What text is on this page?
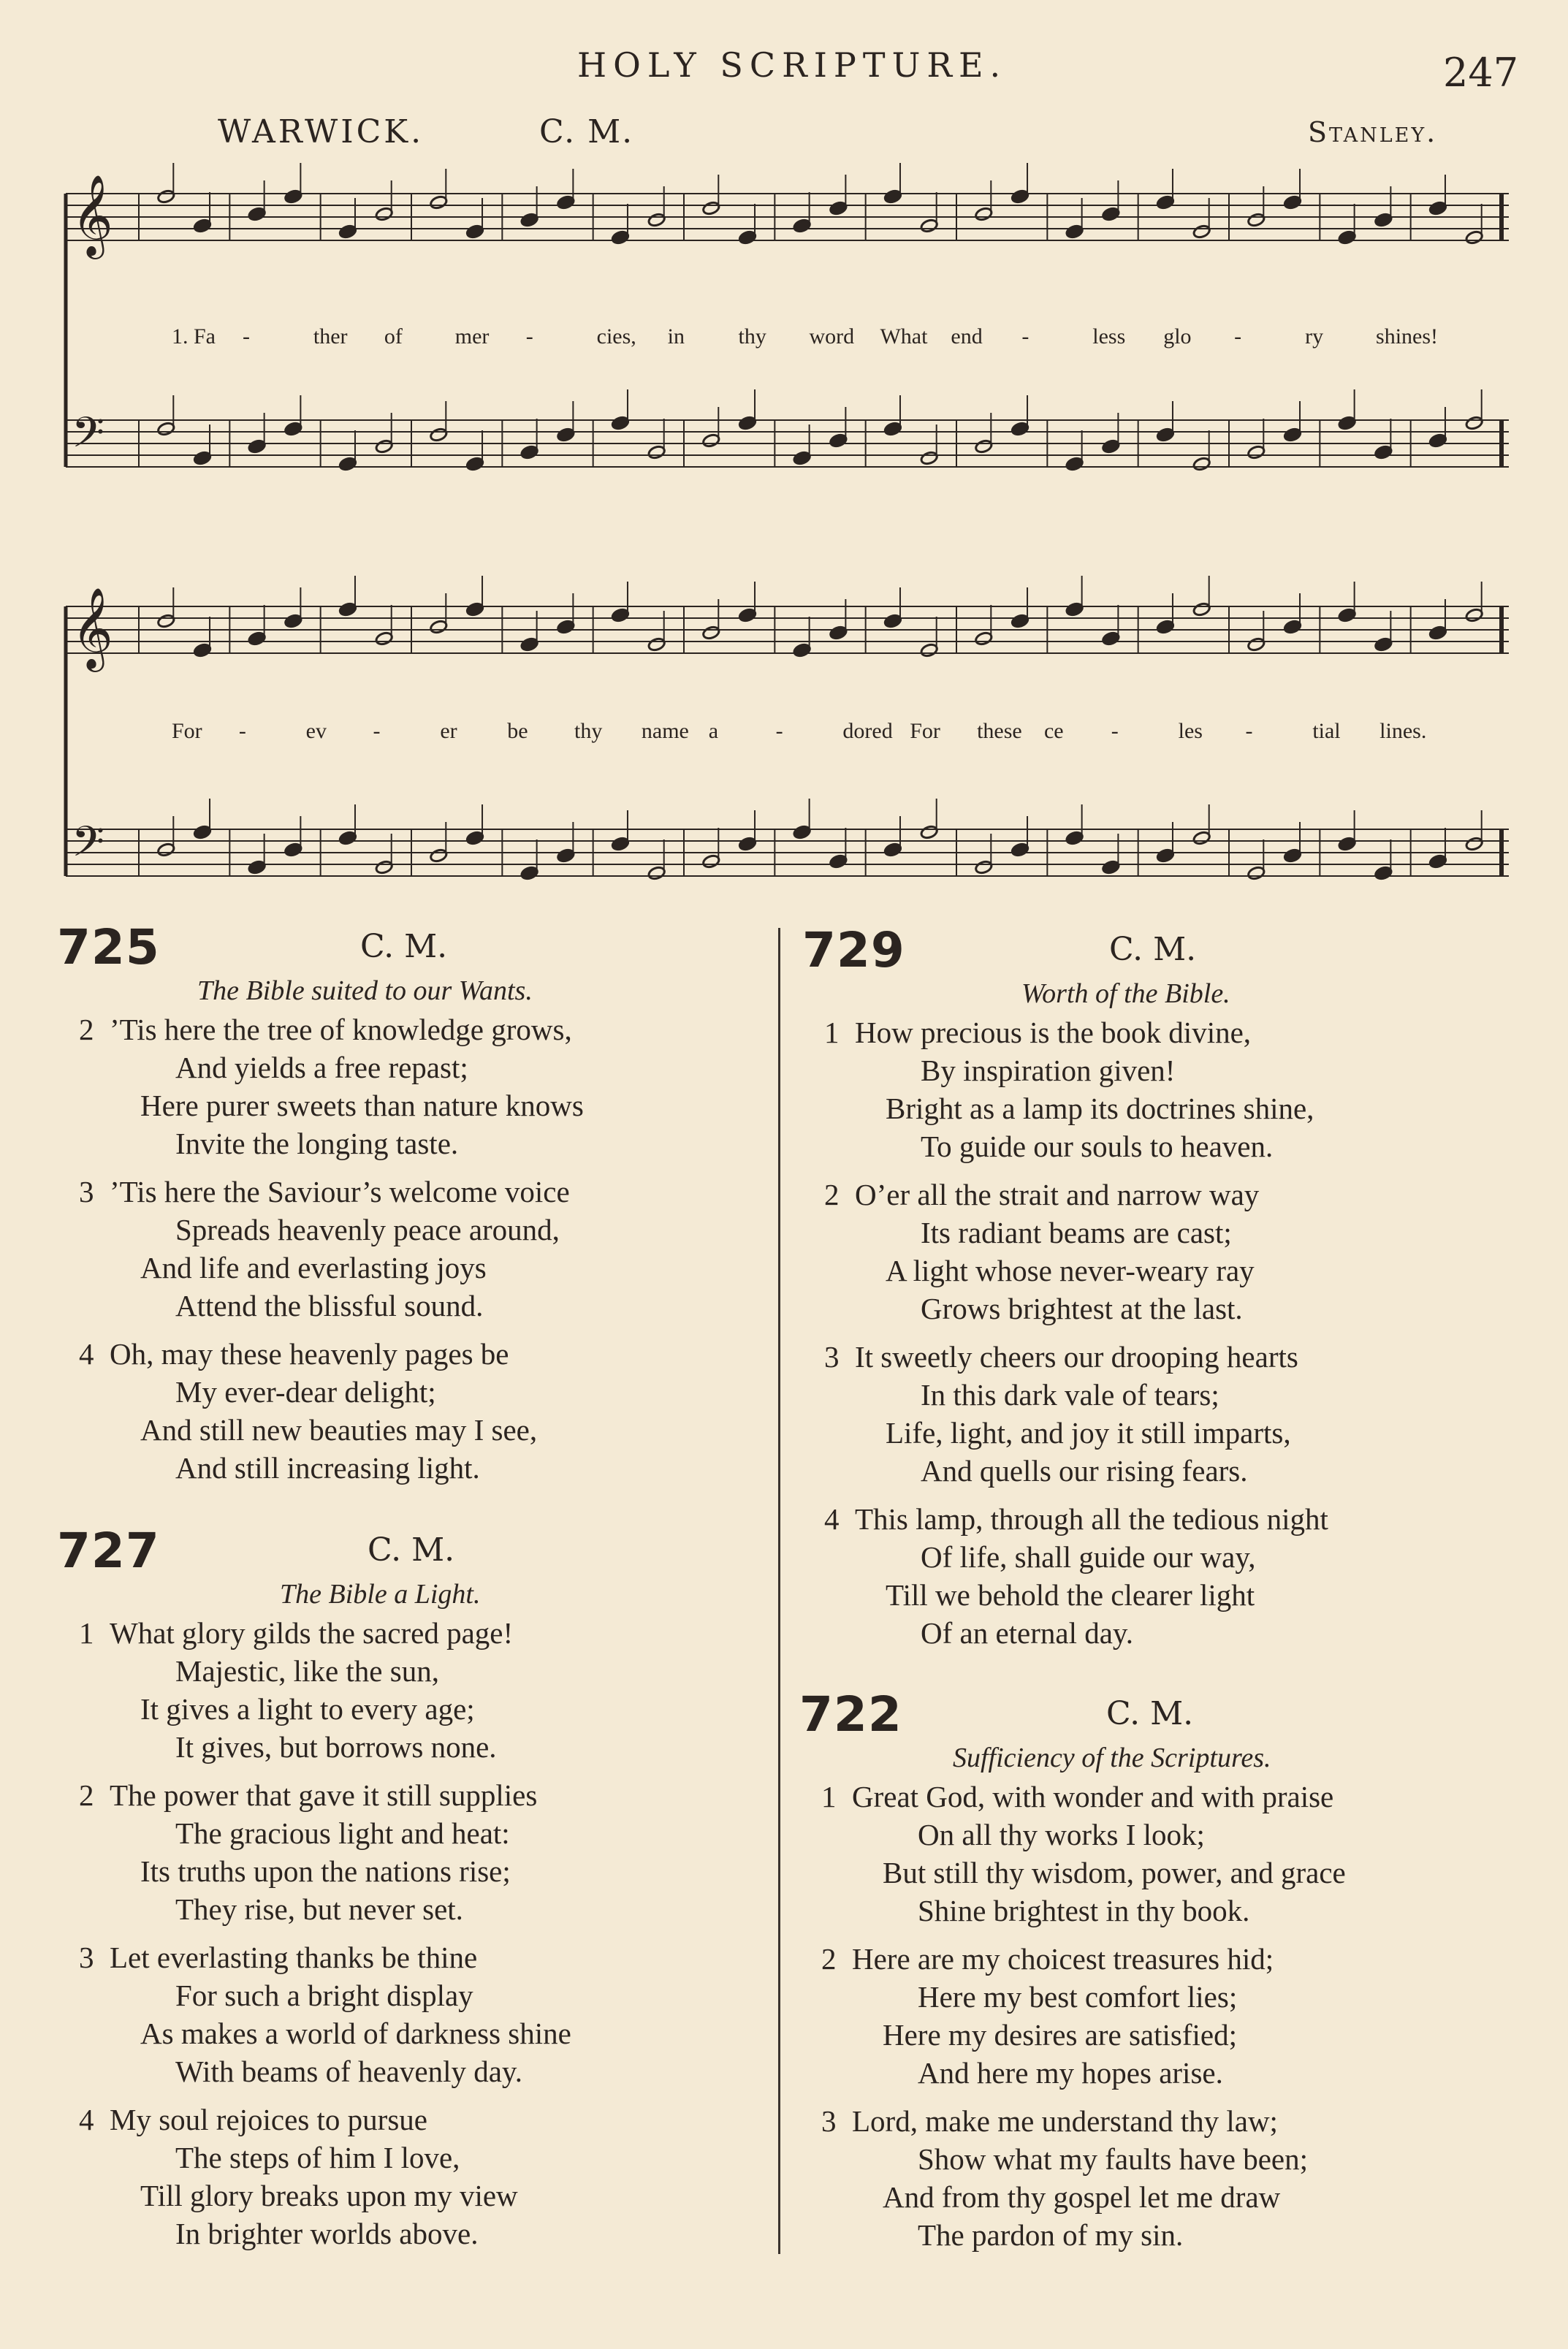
HOLY SCRIPTURE.	247
WARWICK.	C. M.	Stanley.
𝄞
𝄢
1. Fa -	ther of mer -	cies, in thy word What end -	less glo -	ry shines!
𝄞
𝄢
For -	ev -	er be thy name a	-	dored For these ce -	les -	tial lines.
725	C. M.
The Bible suited to our Wants.
2 ’Tis here the tree of knowledge grows,
And yields a free repast;
Here purer sweets than nature knows
Invite the longing taste.
3 ’Tis here the Saviour’s welcome voice
Spreads heavenly peace around,
And life and everlasting joys
Attend the blissful sound.
4 Oh, may these heavenly pages be
My ever-dear delight;
And still new beauties may I see,
And still increasing light.
727	C. M.
The Bible a Light.
1 What glory gilds the sacred page!
Majestic, like the sun,
It gives a light to every age;
It gives, but borrows none.
2 The power that gave it still supplies
The gracious light and heat:
Its truths upon the nations rise;
They rise, but never set.
3 Let everlasting thanks be thine
For such a bright display
As makes a world of darkness shine
With beams of heavenly day.
4 My soul rejoices to pursue
The steps of him I love,
Till glory breaks upon my view
In brighter worlds above.
729	C. M.
Worth of the Bible.
1 How precious is the book divine,
By inspiration given!
Bright as a lamp its doctrines shine,
To guide our souls to heaven.
2 O’er all the strait and narrow way
Its radiant beams are cast;
A light whose never-weary ray
Grows brightest at the last.
3 It sweetly cheers our drooping hearts
In this dark vale of tears;
Life, light, and joy it still imparts,
And quells our rising fears.
4 This lamp, through all the tedious night
Of life, shall guide our way,
Till we behold the clearer light
Of an eternal day.
722	C. M.
Sufficiency of the Scriptures.
1 Great God, with wonder and with praise
On all thy works I look;
But still thy wisdom, power, and grace
Shine brightest in thy book.
2 Here are my choicest treasures hid;
Here my best comfort lies;
Here my desires are satisfied;
And here my hopes arise.
3 Lord, make me understand thy law;
Show what my faults have been;
And from thy gospel let me draw
The pardon of my sin.
